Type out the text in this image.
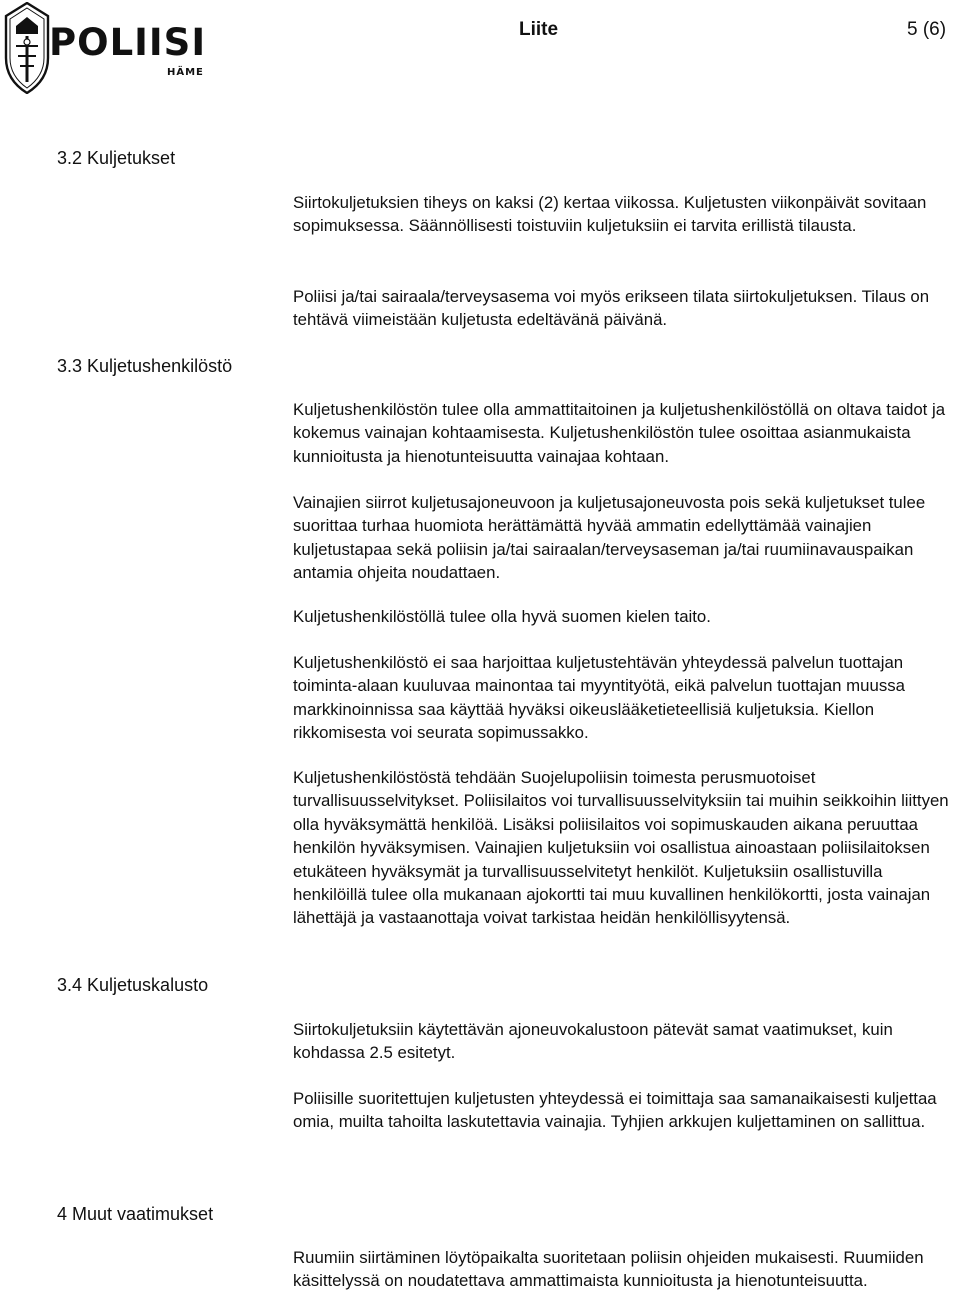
POLIISI
HÄME
Liite	5 (6)
3.2 Kuljetukset

Siirtokuljetuksien tiheys on kaksi (2) kertaa viikossa. Kuljetusten viikonpäivät sovitaan sopimuksessa. Säännöllisesti toistuviin kuljetuksiin ei tarvita erillistä tilausta.

Poliisi ja/tai sairaala/terveysasema voi myös erikseen tilata siirtokuljetuksen. Tilaus on tehtävä viimeistään kuljetusta edeltävänä päivänä.

3.3 Kuljetushenkilöstö

Kuljetushenkilöstön tulee olla ammattitaitoinen ja kuljetushenkilöstöllä on oltava taidot ja kokemus vainajan kohtaamisesta. Kuljetushenkilöstön tulee osoittaa asianmukaista kunnioitusta ja hienotunteisuutta vainajaa kohtaan.

Vainajien siirrot kuljetusajoneuvoon ja kuljetusajoneuvosta pois sekä kuljetukset tulee suorittaa turhaa huomiota herättämättä hyvää ammatin edellyttämää vainajien kuljetustapaa sekä poliisin ja/tai sairaalan/terveysaseman ja/tai ruumiinavauspaikan antamia ohjeita noudattaen.

Kuljetushenkilöstöllä tulee olla hyvä suomen kielen taito.

Kuljetushenkilöstö ei saa harjoittaa kuljetustehtävän yhteydessä palvelun tuottajan toiminta-alaan kuuluvaa mainontaa tai myyntityötä, eikä palvelun tuottajan muussa markkinoinnissa saa käyttää hyväksi oikeuslääketieteellisiä kuljetuksia. Kiellon rikkomisesta voi seurata sopimussakko.

Kuljetushenkilöstöstä tehdään Suojelupoliisin toimesta perusmuotoiset turvallisuusselvitykset. Poliisilaitos voi turvallisuusselvityksiin tai muihin seikkoihin liittyen olla hyväksymättä henkilöä. Lisäksi poliisilaitos voi sopimuskauden aikana peruuttaa henkilön hyväksymisen. Vainajien kuljetuksiin voi osallistua ainoastaan poliisilaitoksen etukäteen hyväksymät ja turvallisuusselvitetyt henkilöt. Kuljetuksiin osallistuvilla henkilöillä tulee olla mukanaan ajokortti tai muu kuvallinen henkilökortti, josta vainajan lähettäjä ja vastaanottaja voivat tarkistaa heidän henkilöllisyytensä.

3.4 Kuljetuskalusto

Siirtokuljetuksiin käytettävän ajoneuvokalustoon pätevät samat vaatimukset, kuin kohdassa 2.5 esitetyt.

Poliisille suoritettujen kuljetusten yhteydessä ei toimittaja saa samanaikaisesti kuljettaa omia, muilta tahoilta laskutettavia vainajia. Tyhjien arkkujen kuljettaminen on sallittua.

4 Muut vaatimukset

Ruumiin siirtäminen löytöpaikalta suoritetaan poliisin ohjeiden mukaisesti. Ruumiiden käsittelyssä on noudatettava ammattimaista kunnioitusta ja hienotunteisuutta.
